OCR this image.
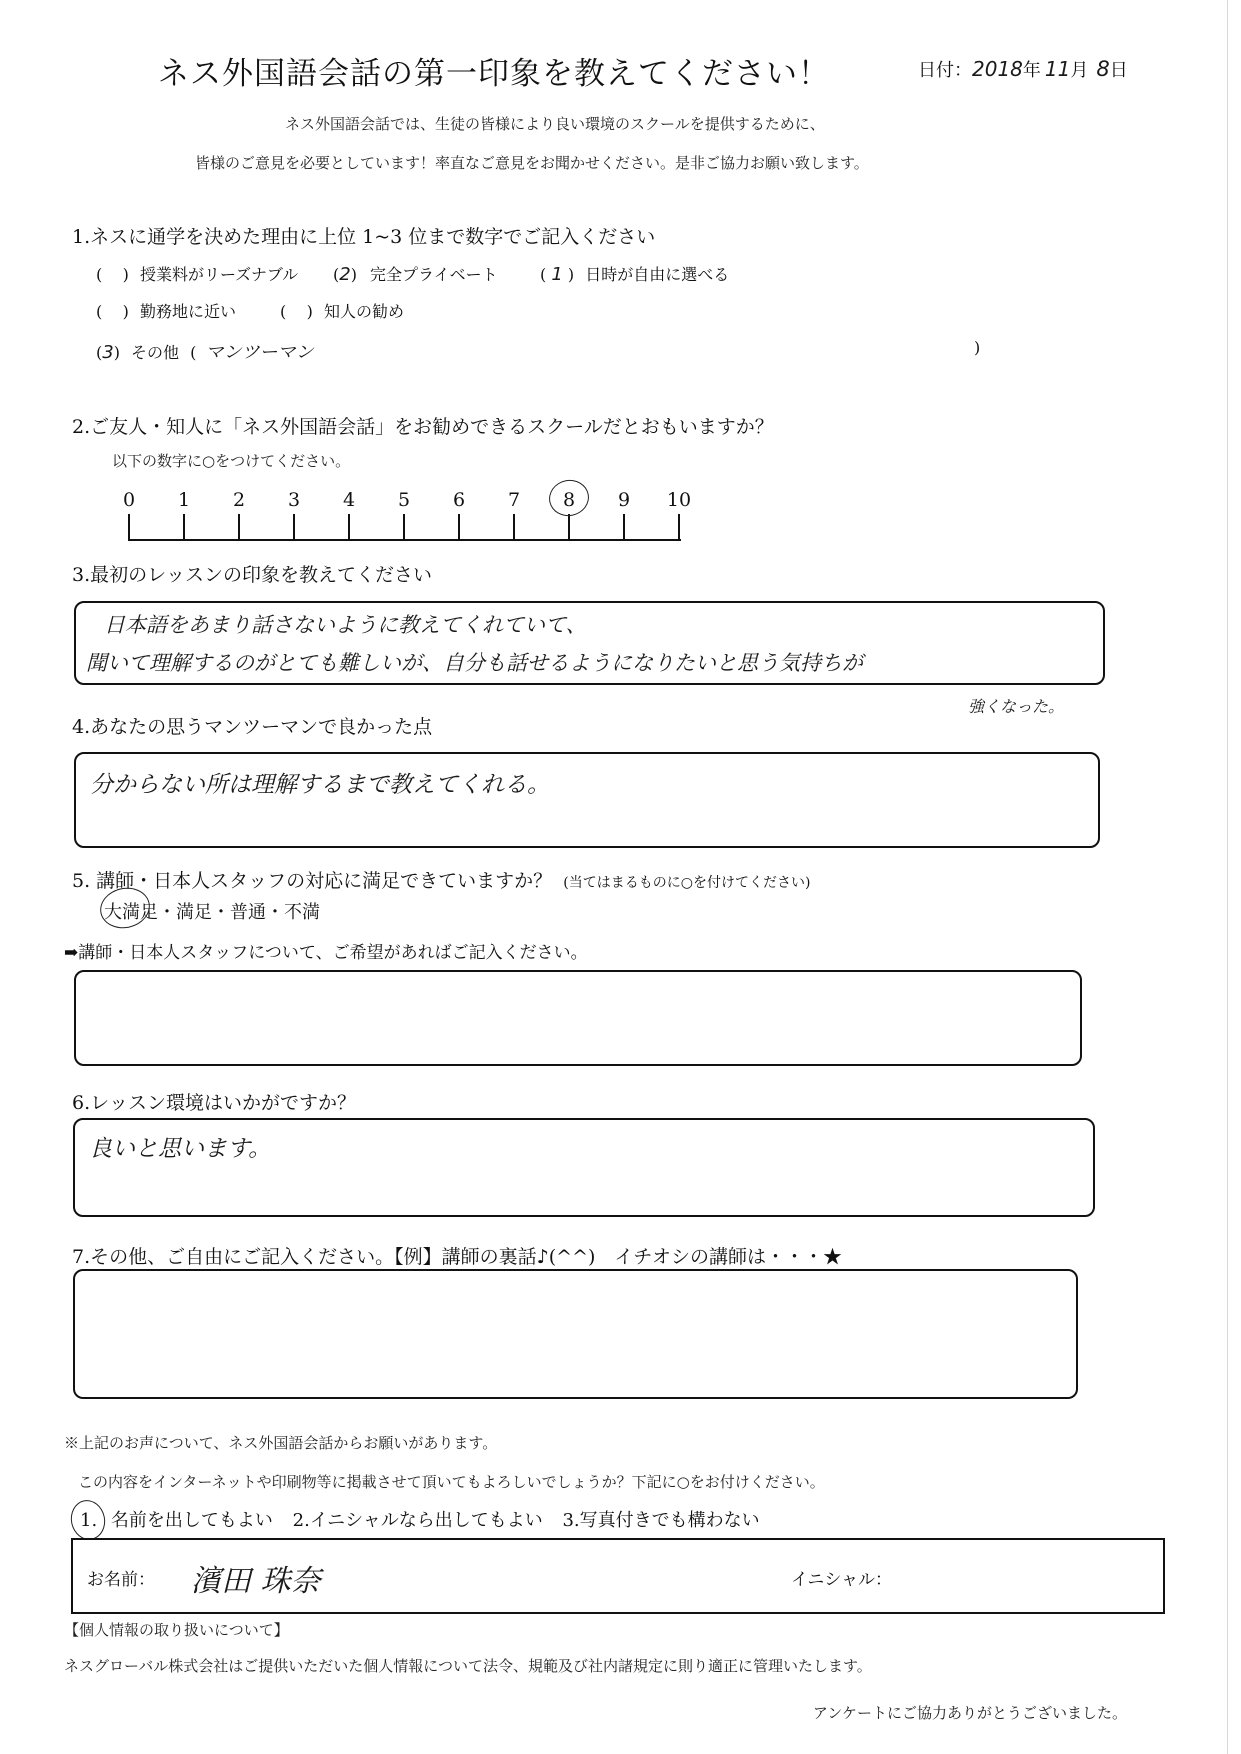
ネス外国語会話の第一印象を教えてください！	日付：2018年 11月 8日
ネス外国語会話では、生徒の皆様により良い環境のスクールを提供するために、
皆様のご意見を必要としています！率直なご意見をお聞かせください。是非ご協力お願い致します。
1.ネスに通学を決めた理由に上位 1~3 位まで数字でご記入ください
(    ) 授業料がリーズナブル (2) 完全プライベート	( 1 ) 日時が自由に選べる
(    ) 勤務地に近い	(    ) 知人の勧め
(3) その他 ( マンツーマン	)
2.ご友人・知人に「ネス外国語会話」をお勧めできるスクールだとおもいますか？
以下の数字に○をつけてください。
0	1	2	3	4	5	6	7	8	9	10
3.最初のレッスンの印象を教えてください
日本語をあまり話さないように教えてくれていて、
聞いて理解するのがとても難しいが、自分も話せるようになりたいと思う気持ちが
強くなった。
4.あなたの思うマンツーマンで良かった点
分からない所は理解するまで教えてくれる。
5. 講師・日本人スタッフの対応に満足できていますか？ (当てはまるものに○を付けてください)
大満足・満足・普通・不満
➡講師・日本人スタッフについて、ご希望があればご記入ください。
6.レッスン環境はいかがですか？
良いと思います。
7.その他、ご自由にご記入ください。【例】講師の裏話♪(^^)　イチオシの講師は・・・★
※上記のお声について、ネス外国語会話からお願いがあります。
この内容をインターネットや印刷物等に掲載させて頂いてもよろしいでしょうか？下記に○をお付けください。
1. 名前を出してもよい 2.イニシャルなら出してもよい 3.写真付きでも構わない
お名前： 濱田 珠奈	イニシャル：
【個人情報の取り扱いについて】
ネスグローバル株式会社はご提供いただいた個人情報について法令、規範及び社内諸規定に則り適正に管理いたします。
アンケートにご協力ありがとうございました。
